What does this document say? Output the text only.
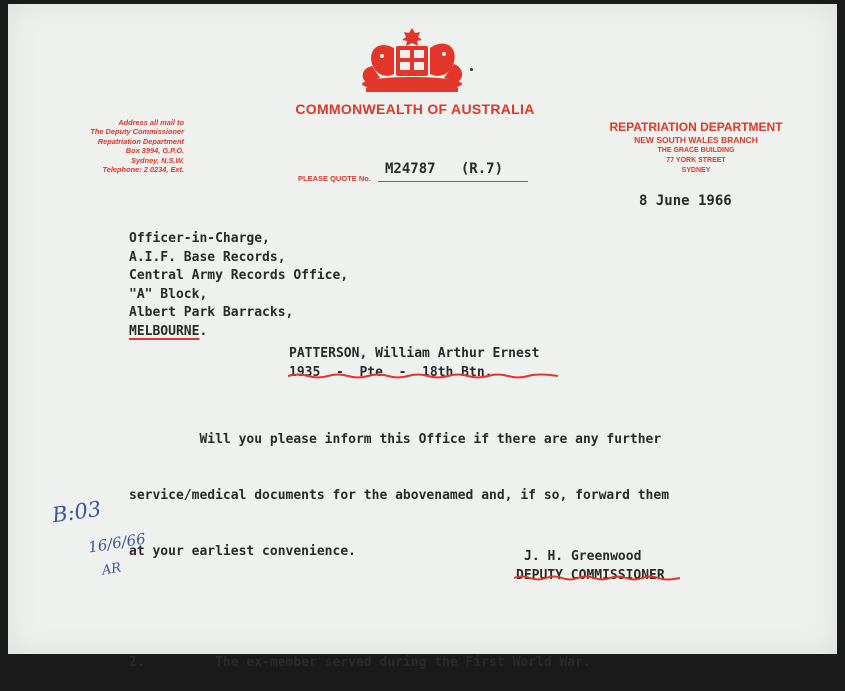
COMMONWEALTH OF AUSTRALIA
Address all mail to
The Deputy Commissioner
Repatriation Department
Box 3994, G.P.O.
Sydney, N.S.W.
Telephone: 2 0234, Ext.
REPATRIATION DEPARTMENT
NEW SOUTH WALES BRANCH
THE GRACE BUILDING
77 YORK STREET
SYDNEY
PLEASE QUOTE No.
M24787   (R.7)
8 June 1966
Officer-in-Charge,
A.I.F. Base Records,
Central Army Records Office,
"A" Block,
Albert Park Barracks,
MELBOURNE.
PATTERSON, William Arthur Ernest
1935  -  Pte  -  18th Btn.

Will you please inform this Office if there are any further

service/medical documents for the abovenamed and, if so, forward them

at your earliest convenience.

2.         The ex-member served during the First World War.

J. H. Greenwood
DEPUTY COMMISSIONER
B:03
16/6/66
AR
